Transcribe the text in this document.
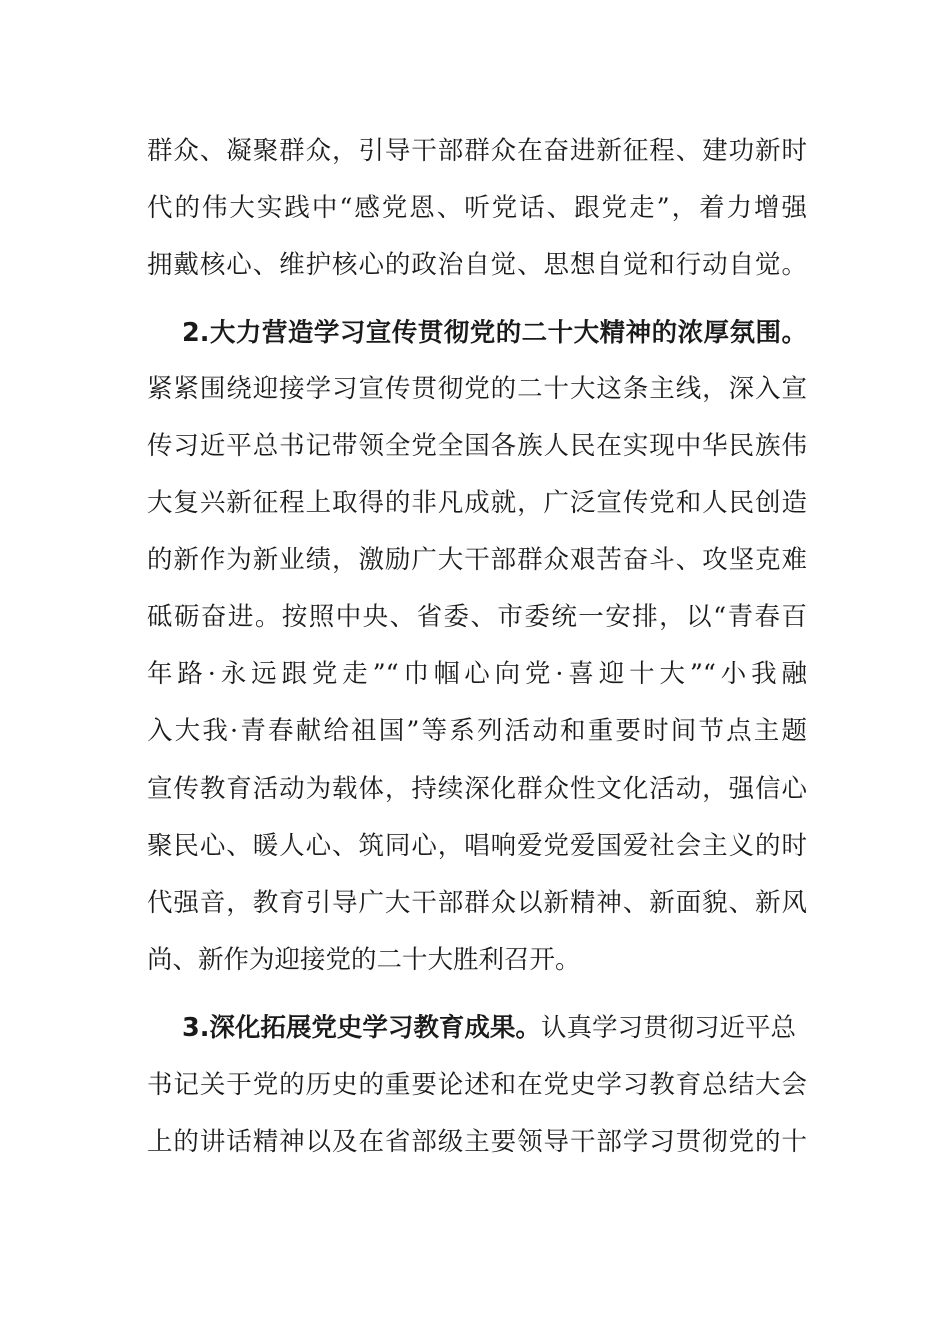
群众、凝聚群众，引导干部群众在奋进新征程、建功新时
代的伟大实践中“感党恩、听党话、跟党走”，着力增强
拥戴核心、维护核心的政治自觉、思想自觉和行动自觉。
2.大力营造学习宣传贯彻党的二十大精神的浓厚氛围。
紧紧围绕迎接学习宣传贯彻党的二十大这条主线，深入宣
传习近平总书记带领全党全国各族人民在实现中华民族伟
大复兴新征程上取得的非凡成就，广泛宣传党和人民创造
的新作为新业绩，激励广大干部群众艰苦奋斗、攻坚克难
砥砺奋进。按照中央、省委、市委统一安排，以“青春百
年路·永远跟党走”“巾帼心向党·喜迎十大”“小我融
入大我·青春献给祖国”等系列活动和重要时间节点主题
宣传教育活动为载体，持续深化群众性文化活动，强信心
聚民心、暖人心、筑同心，唱响爱党爱国爱社会主义的时
代强音，教育引导广大干部群众以新精神、新面貌、新风
尚、新作为迎接党的二十大胜利召开。
3.深化拓展党史学习教育成果。认真学习贯彻习近平总
书记关于党的历史的重要论述和在党史学习教育总结大会
上的讲话精神以及在省部级主要领导干部学习贯彻党的十
